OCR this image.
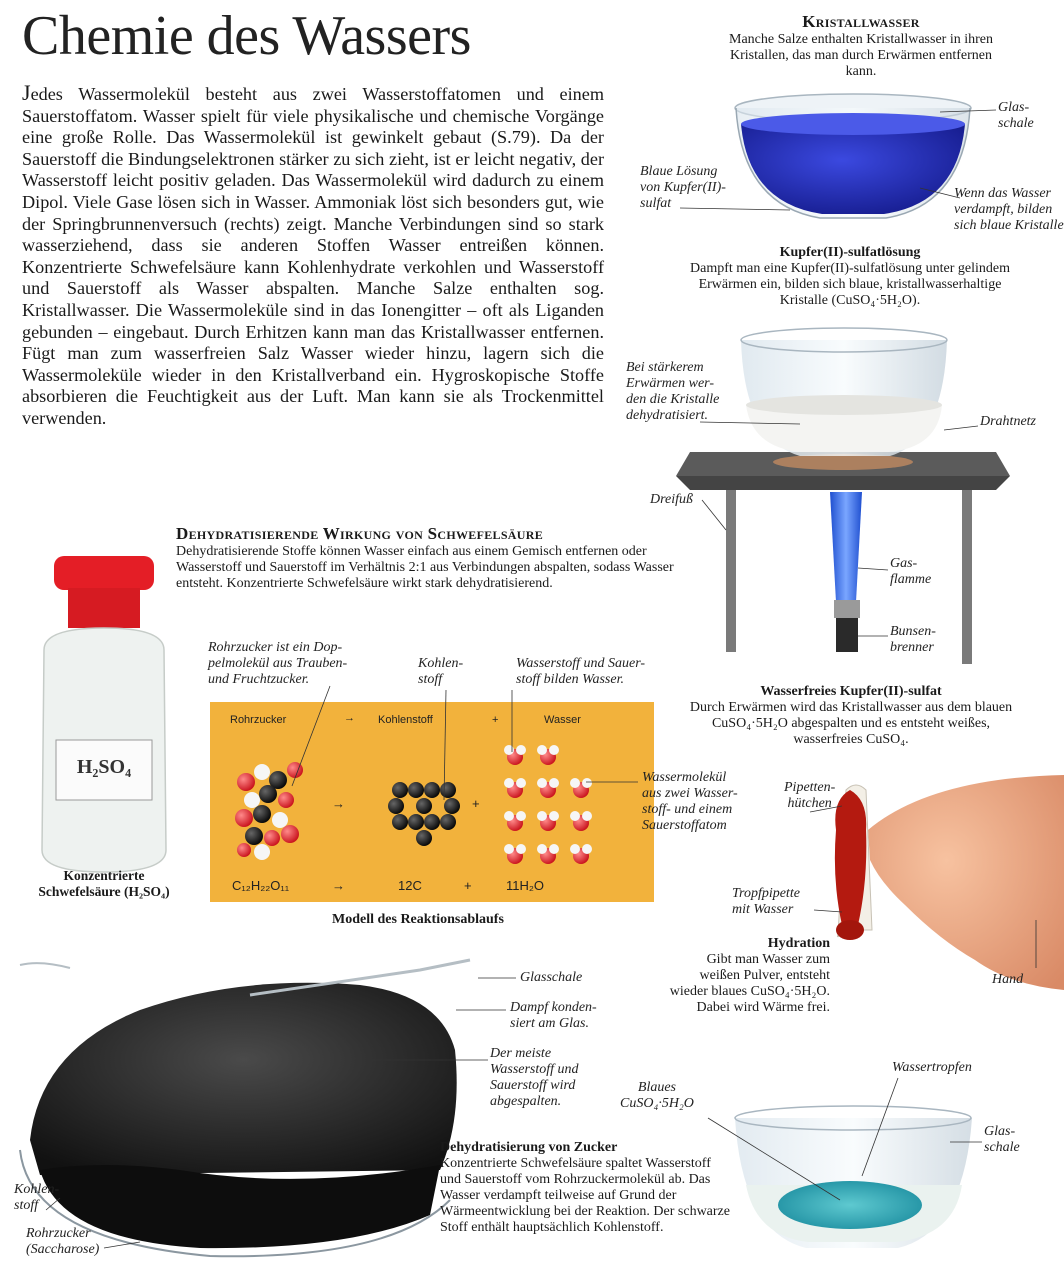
Chemie des Wassers
Jedes Wassermolekül besteht aus zwei Wasserstoffatomen und einem Sauerstoffatom. Wasser spielt für viele physikalische und chemische Vorgänge eine große Rolle. Das Wassermolekül ist gewinkelt gebaut (S.79). Da der Sauerstoff die Bindungselektronen stärker zu sich zieht, ist er leicht negativ, der Wasserstoff leicht positiv geladen. Das Wassermolekül wird dadurch zu einem Dipol. Viele Gase lösen sich in Wasser. Ammoniak löst sich besonders gut, wie der Springbrunnenversuch (rechts) zeigt. Manche Verbindungen sind so stark wasserziehend, dass sie anderen Stoffen Wasser entreißen können. Konzentrierte Schwefelsäure kann Kohlenhydrate verkohlen und Wasserstoff und Sauerstoff als Wasser abspalten. Manche Salze enthalten sog. Kristallwasser. Die Wassermoleküle sind in das Ionengitter – oft als Liganden gebunden – eingebaut. Durch Erhitzen kann man das Kristallwasser entfernen. Fügt man zum wasserfreien Salz Wasser wieder hinzu, lagern sich die Wassermoleküle wieder in den Kristallverband ein. Hygroskopische Stoffe absorbieren die Feuchtigkeit aus der Luft. Man kann sie als Trockenmittel verwenden.
Kristallwasser
Manche Salze enthalten Kristallwasser in ihren Kristallen, das man durch Erwärmen entfernen kann.
Glas-
schale
Blaue Lösung
von Kupfer(II)-
sulfat
Wenn das Wasser
verdampft, bilden
sich blaue Kristalle
Kupfer(II)-sulfatlösung
Dampft man eine Kupfer(II)-sulfatlösung unter gelindem Erwärmen ein, bilden sich blaue, kristallwasserhaltige Kristalle (CuSO₄·5H₂O).
Bei stärkerem
Erwärmen wer-
den die Kristalle
dehydratisiert.	Drahtnetz
Dreifuß
Gas-
flamme
Bunsen-
brenner
Wasserfreies Kupfer(II)-sulfat
Durch Erwärmen wird das Kristallwasser aus dem blauen CuSO₄·5H₂O abgespalten und es entsteht weißes, wasserfreies CuSO₄.
Dehydratisierende Wirkung von Schwefelsäure
Dehydratisierende Stoffe können Wasser einfach aus einem Gemisch entfernen oder Wasserstoff und Sauerstoff im Verhältnis 2:1 aus Verbindungen abspalten, sodass Wasser entsteht. Konzentrierte Schwefelsäure wirkt stark dehydratisierend.
H₂SO₄
Konzentrierte
Schwefelsäure (H₂SO₄)
Rohrzucker ist ein Dop-
pelmolekül aus Trauben-
und Fruchtzucker.
Kohlen-
stoff
Wasserstoff und Sauer-
stoff bilden Wasser.
Wassermolekül
aus zwei Wasser-
stoff- und einem
Sauerstoffatom
Rohrzucker	→ Kohlenstoff	+	Wasser
→	+
C₁₂H₂₂O₁₁	→	12C	+	11H₂O
Modell des Reaktionsablaufs
Pipetten-
hütchen
Tropfpipette
mit Wasser
Hand
Hydration
Gibt man Wasser zum weißen Pulver, entsteht wieder blaues CuSO₄·5H₂O. Dabei wird Wärme frei.
Glasschale
Dampf konden-
siert am Glas.
Der meiste
Wasserstoff und
Sauerstoff wird
abgespalten.
Kohlen-
stoff
Rohrzucker
(Saccharose)
Dehydratisierung von Zucker
Konzentrierte Schwefelsäure spaltet Wasserstoff und Sauerstoff vom Rohrzuckermolekül ab. Das Wasser verdampft teilweise auf Grund der Wärmeentwicklung bei der Reaktion. Der schwarze Stoff enthält hauptsächlich Kohlenstoff.
Wassertropfen
Glas-
schale
Blaues
CuSO₄·5H₂O
